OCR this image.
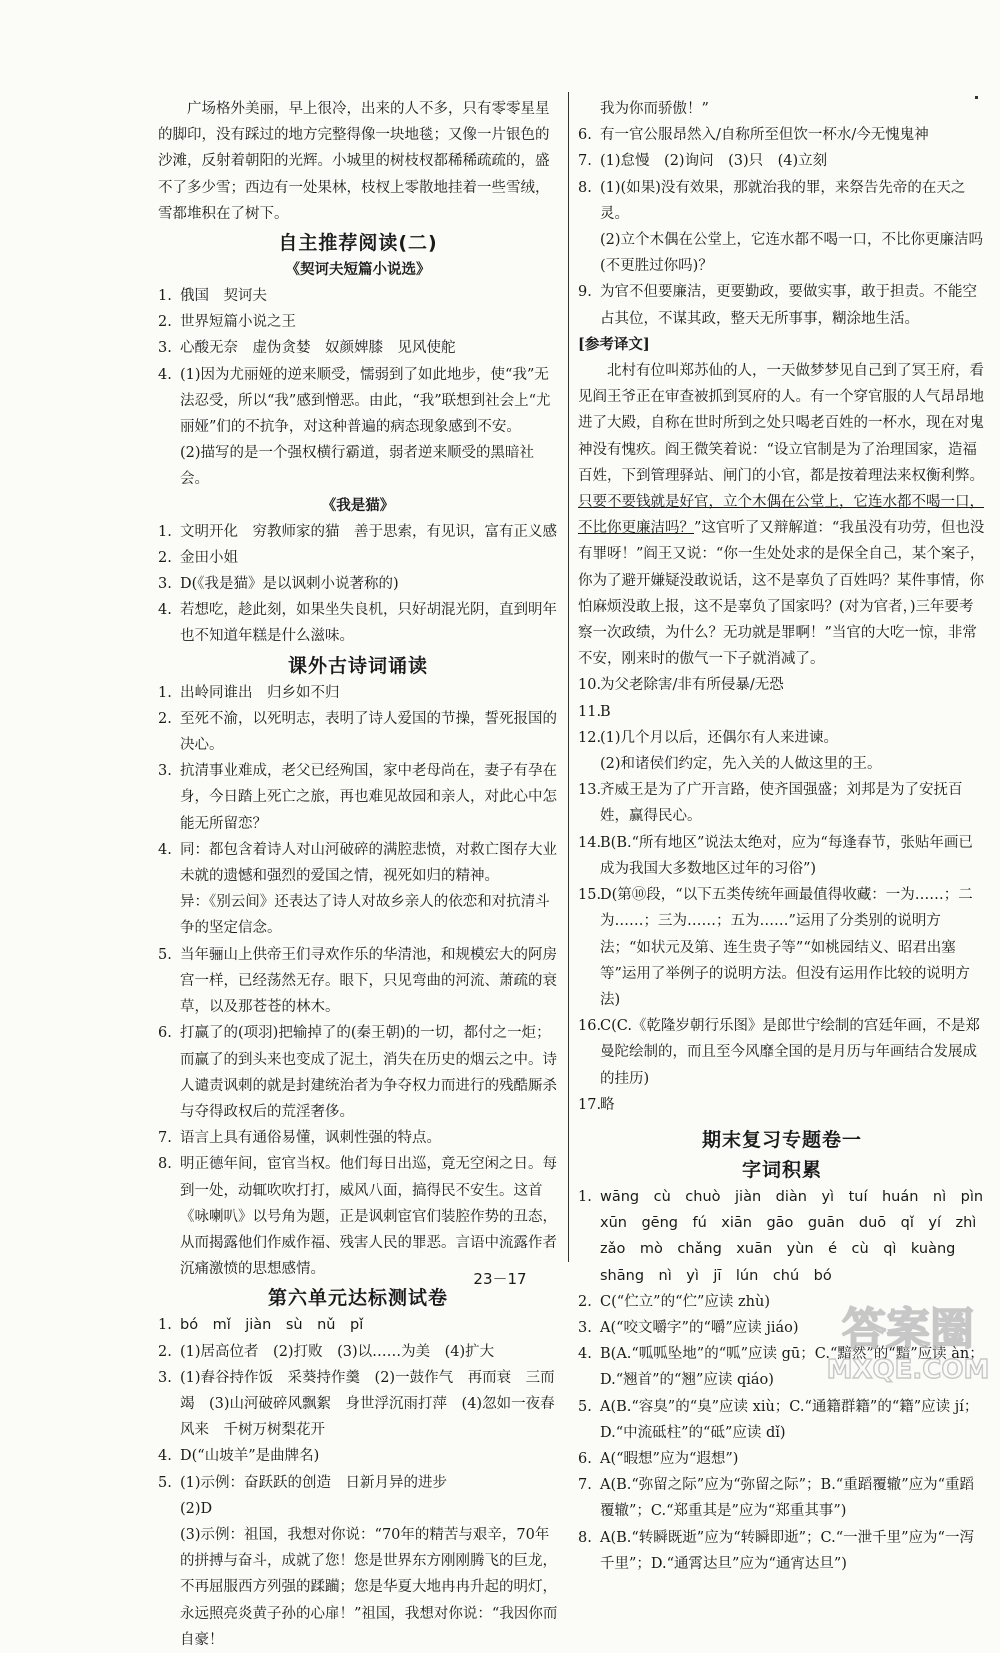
广场格外美丽，早上很冷，出来的人不多，只有零零星星的脚印，没有踩过的地方完整得像一块地毯；又像一片银色的沙滩，反射着朝阳的光辉。小城里的树枝杈都稀稀疏疏的，盛不了多少雪；西边有一处果林，枝杈上零散地挂着一些雪绒，雪都堆积在了树下。
自主推荐阅读(二)
《契诃夫短篇小说选》
1. 俄国　契诃夫
2. 世界短篇小说之王
3. 心酸无奈　虚伪贪婪　奴颜婢膝　见风使舵
4. (1)因为尤丽娅的逆来顺受，懦弱到了如此地步，使“我”无法忍受，所以“我”感到憎恶。由此，“我”联想到社会上“尤丽娅”们的不抗争，对这种普遍的病态现象感到不安。
(2)描写的是一个强权横行霸道，弱者逆来顺受的黑暗社会。
《我是猫》
1. 文明开化　穷教师家的猫　善于思索，有见识，富有正义感
2. 金田小姐
3. D(《我是猫》是以讽刺小说著称的)
4. 若想吃，趁此刻，如果坐失良机，只好胡混光阴，直到明年也不知道年糕是什么滋味。
课外古诗词诵读
1. 出岭同谁出　归乡如不归
2. 至死不渝，以死明志，表明了诗人爱国的节操，誓死报国的决心。
3. 抗清事业难成，老父已经殉国，家中老母尚在，妻子有孕在身，今日踏上死亡之旅，再也难见故园和亲人，对此心中怎能无所留恋？
4. 同：都包含着诗人对山河破碎的满腔悲愤，对救亡图存大业未就的遗憾和强烈的爱国之情，视死如归的精神。
异：《别云间》还表达了诗人对故乡亲人的依恋和对抗清斗争的坚定信念。
5. 当年骊山上供帝王们寻欢作乐的华清池，和规模宏大的阿房宫一样，已经荡然无存。眼下，只见弯曲的河流、萧疏的衰草，以及那苍苍的林木。
6. 打赢了的(项羽)把输掉了的(秦王朝)的一切，都付之一炬；而赢了的到头来也变成了泥土，消失在历史的烟云之中。诗人谴责讽刺的就是封建统治者为争夺权力而进行的残酷厮杀与夺得政权后的荒淫奢侈。
7. 语言上具有通俗易懂，讽刺性强的特点。
8. 明正德年间，宦官当权。他们每日出巡，竟无空闲之日。每到一处，动辄吹吹打打，威风八面，搞得民不安生。这首《咏喇叭》以号角为题，正是讽刺宦官们装腔作势的丑态，从而揭露他们作威作福、残害人民的罪恶。言语中流露作者沉痛激愤的思想感情。
第六单元达标测试卷
1. bó　mǐ　jiàn　sù　nǔ　pǐ
2. (1)居高位者　(2)打败　(3)以……为美　(4)扩大
3. (1)舂谷持作饭　采葵持作羹　(2)一鼓作气　再而衰　三而竭　(3)山河破碎风飘絮　身世浮沉雨打萍　(4)忽如一夜春风来　千树万树梨花开
4. D(“山坡羊”是曲牌名)
5. (1)示例：奋跃跃的创造　日新月异的进步
(2)D
(3)示例：祖国，我想对你说：“70年的精苦与艰辛，70年的拼搏与奋斗，成就了您！您是世界东方刚刚腾飞的巨龙，不再屈服西方列强的蹂躏；您是华夏大地冉冉升起的明灯，永远照亮炎黄子孙的心扉！”祖国，我想对你说：“我因你而自豪！
我为你而骄傲！”
6. 有一官公服昂然入/自称所至但饮一杯水/今无愧鬼神
7. (1)怠慢　(2)询问　(3)只　(4)立刻
8. (1)(如果)没有效果，那就治我的罪，来祭告先帝的在天之灵。
(2)立个木偶在公堂上，它连水都不喝一口，不比你更廉洁吗(不更胜过你吗)？
9. 为官不但要廉洁，更要勤政，要做实事，敢于担责。不能空占其位，不谋其政，整天无所事事，糊涂地生活。
[参考译文]
北村有位叫郑苏仙的人，一天做梦梦见自己到了冥王府，看见阎王爷正在审查被抓到冥府的人。有一个穿官服的人气昂昂地进了大殿，自称在世时所到之处只喝老百姓的一杯水，现在对鬼神没有愧疚。阎王微笑着说：“设立官制是为了治理国家，造福百姓，下到管理驿站、闸门的小官，都是按着理法来权衡利弊。只要不要钱就是好官，立个木偶在公堂上，它连水都不喝一口，不比你更廉洁吗？”这官听了又辩解道：“我虽没有功劳，但也没有罪呀！”阎王又说：“你一生处处求的是保全自己，某个案子，你为了避开嫌疑没敢说话，这不是辜负了百姓吗？某件事情，你怕麻烦没敢上报，这不是辜负了国家吗？(对为官者，)三年要考察一次政绩，为什么？无功就是罪啊！”当官的大吃一惊，非常不安，刚来时的傲气一下子就消减了。
10.
为父老除害/非有所侵暴/无恐
11.
B
12.
(1)几个月以后，还偶尔有人来进谏。
(2)和诸侯们约定，先入关的人做这里的王。
13.
齐威王是为了广开言路，使齐国强盛；刘邦是为了安抚百姓，赢得民心。
14.
B(B.“所有地区”说法太绝对，应为“每逢春节，张贴年画已成为我国大多数地区过年的习俗”)
15.
D(第⑩段，“以下五类传统年画最值得收藏：一为……；二为……；三为……；五为……”运用了分类别的说明方法；“如状元及第、连生贵子等”“如桃园结义、昭君出塞等”运用了举例子的说明方法。但没有运用作比较的说明方法)
16.
C(C.《乾隆岁朝行乐图》是郎世宁绘制的宫廷年画，不是郑曼陀绘制的，而且至今风靡全国的是月历与年画结合发展成的挂历)
17.
略
期末复习专题卷一
字词积累
1. wāng　cù　chuò　jiàn　diàn　yì　tuí　huán　nì　pìn
xūn　gēng　fú　xiān　gāo　guān　duō　qǐ　yí　zhì
zǎo　mò　chǎng　xuān　yùn　é　cù　qì　kuàng
shāng　nì　yì　jī　lún　chú　bó
2. C(“伫立”的“伫”应读 zhù)
3. A(“咬文嚼字”的“嚼”应读 jiáo)
4. B(A.“呱呱坠地”的“呱”应读 gū；C.“黯然”的“黯”应读 àn；D.“翘首”的“翘”应读 qiáo)
5. A(B.“容臭”的“臭”应读 xiù；C.“通籍群籍”的“籍”应读 jí；D.“中流砥柱”的“砥”应读 dǐ)
6. A(“暇想”应为“遐想”)
7. A(B.“弥留之际”应为“弥留之际”；B.“重蹈覆辙”应为“重蹈覆辙”；C.“郑重其是”应为“郑重其事”)
8. A(B.“转瞬既逝”应为“转瞬即逝”；C.“一泄千里”应为“一泻千里”；D.“通霄达旦”应为“通宵达旦”)
23－17
答案圈
MXQE.COM
